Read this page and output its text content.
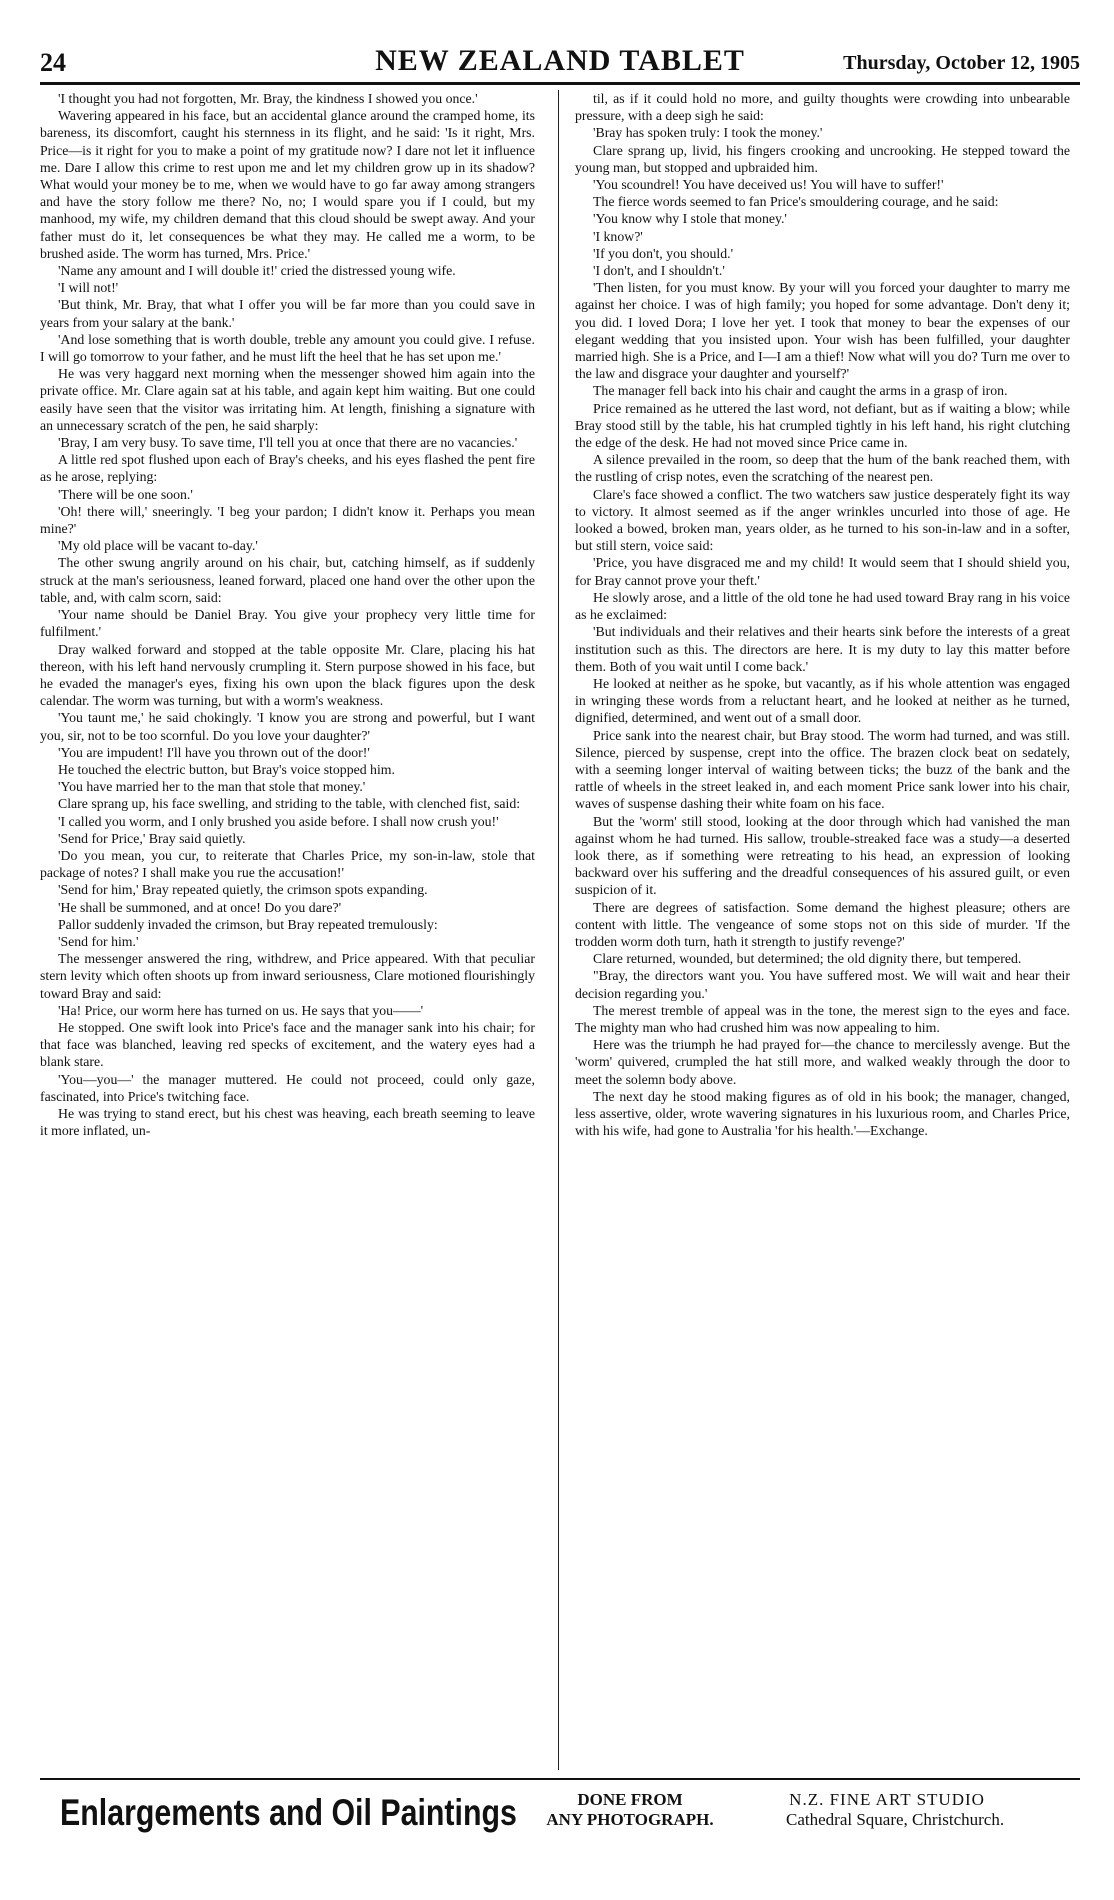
24	NEW ZEALAND TABLET	Thursday, October 12, 1905

'I thought you had not forgotten, Mr. Bray, the kindness I showed you once.'

Wavering appeared in his face, but an accidental glance around the cramped home, its bareness, its discomfort, caught his sternness in its flight, and he said: 'Is it right, Mrs. Price—is it right for you to make a point of my gratitude now? I dare not let it influence me. Dare I allow this crime to rest upon me and let my children grow up in its shadow? What would your money be to me, when we would have to go far away among strangers and have the story follow me there? No, no; I would spare you if I could, but my manhood, my wife, my children demand that this cloud should be swept away. And your father must do it, let consequences be what they may. He called me a worm, to be brushed aside. The worm has turned, Mrs. Price.'

'Name any amount and I will double it!' cried the distressed young wife.

'I will not!'

'But think, Mr. Bray, that what I offer you will be far more than you could save in years from your salary at the bank.'

'And lose something that is worth double, treble any amount you could give. I refuse. I will go tomorrow to your father, and he must lift the heel that he has set upon me.'

He was very haggard next morning when the messenger showed him again into the private office. Mr. Clare again sat at his table, and again kept him waiting. But one could easily have seen that the visitor was irritating him. At length, finishing a signature with an unnecessary scratch of the pen, he said sharply:

'Bray, I am very busy. To save time, I'll tell you at once that there are no vacancies.'

A little red spot flushed upon each of Bray's cheeks, and his eyes flashed the pent fire as he arose, replying:

'There will be one soon.'

'Oh! there will,' sneeringly. 'I beg your pardon; I didn't know it. Perhaps you mean mine?'

'My old place will be vacant to-day.'

The other swung angrily around on his chair, but, catching himself, as if suddenly struck at the man's seriousness, leaned forward, placed one hand over the other upon the table, and, with calm scorn, said:

'Your name should be Daniel Bray. You give your prophecy very little time for fulfilment.'

Dray walked forward and stopped at the table opposite Mr. Clare, placing his hat thereon, with his left hand nervously crumpling it. Stern purpose showed in his face, but he evaded the manager's eyes, fixing his own upon the black figures upon the desk calendar. The worm was turning, but with a worm's weakness.

'You taunt me,' he said chokingly. 'I know you are strong and powerful, but I want you, sir, not to be too scornful. Do you love your daughter?'

'You are impudent! I'll have you thrown out of the door!'

He touched the electric button, but Bray's voice stopped him.

'You have married her to the man that stole that money.'

Clare sprang up, his face swelling, and striding to the table, with clenched fist, said:

'I called you worm, and I only brushed you aside before. I shall now crush you!'

'Send for Price,' Bray said quietly.

'Do you mean, you cur, to reiterate that Charles Price, my son-in-law, stole that package of notes? I shall make you rue the accusation!'

'Send for him,' Bray repeated quietly, the crimson spots expanding.

'He shall be summoned, and at once! Do you dare?'

Pallor suddenly invaded the crimson, but Bray repeated tremulously:

'Send for him.'

The messenger answered the ring, withdrew, and Price appeared. With that peculiar stern levity which often shoots up from inward seriousness, Clare motioned flourishingly toward Bray and said:

'Ha! Price, our worm here has turned on us. He says that you——'

He stopped. One swift look into Price's face and the manager sank into his chair; for that face was blanched, leaving red specks of excitement, and the watery eyes had a blank stare.

'You—you—' the manager muttered. He could not proceed, could only gaze, fascinated, into Price's twitching face.

He was trying to stand erect, but his chest was heaving, each breath seeming to leave it more inflated, un-

til, as if it could hold no more, and guilty thoughts were crowding into unbearable pressure, with a deep sigh he said:

'Bray has spoken truly: I took the money.'

Clare sprang up, livid, his fingers crooking and uncrooking. He stepped toward the young man, but stopped and upbraided him.

'You scoundrel! You have deceived us! You will have to suffer!'

The fierce words seemed to fan Price's smouldering courage, and he said:

'You know why I stole that money.'

'I know?'

'If you don't, you should.'

'I don't, and I shouldn't.'

'Then listen, for you must know. By your will you forced your daughter to marry me against her choice. I was of high family; you hoped for some advantage. Don't deny it; you did. I loved Dora; I love her yet. I took that money to bear the expenses of our elegant wedding that you insisted upon. Your wish has been fulfilled, your daughter married high. She is a Price, and I—I am a thief! Now what will you do? Turn me over to the law and disgrace your daughter and yourself?'

The manager fell back into his chair and caught the arms in a grasp of iron.

Price remained as he uttered the last word, not defiant, but as if waiting a blow; while Bray stood still by the table, his hat crumpled tightly in his left hand, his right clutching the edge of the desk. He had not moved since Price came in.

A silence prevailed in the room, so deep that the hum of the bank reached them, with the rustling of crisp notes, even the scratching of the nearest pen.

Clare's face showed a conflict. The two watchers saw justice desperately fight its way to victory. It almost seemed as if the anger wrinkles uncurled into those of age. He looked a bowed, broken man, years older, as he turned to his son-in-law and in a softer, but still stern, voice said:

'Price, you have disgraced me and my child! It would seem that I should shield you, for Bray cannot prove your theft.'

He slowly arose, and a little of the old tone he had used toward Bray rang in his voice as he exclaimed:

'But individuals and their relatives and their hearts sink before the interests of a great institution such as this. The directors are here. It is my duty to lay this matter before them. Both of you wait until I come back.'

He looked at neither as he spoke, but vacantly, as if his whole attention was engaged in wringing these words from a reluctant heart, and he looked at neither as he turned, dignified, determined, and went out of a small door.

Price sank into the nearest chair, but Bray stood. The worm had turned, and was still. Silence, pierced by suspense, crept into the office. The brazen clock beat on sedately, with a seeming longer interval of waiting between ticks; the buzz of the bank and the rattle of wheels in the street leaked in, and each moment Price sank lower into his chair, waves of suspense dashing their white foam on his face.

But the 'worm' still stood, looking at the door through which had vanished the man against whom he had turned. His sallow, trouble-streaked face was a study—a deserted look there, as if something were retreating to his head, an expression of looking backward over his suffering and the dreadful consequences of his assured guilt, or even suspicion of it.

There are degrees of satisfaction. Some demand the highest pleasure; others are content with little. The vengeance of some stops not on this side of murder. 'If the trodden worm doth turn, hath it strength to justify revenge?'

Clare returned, wounded, but determined; the old dignity there, but tempered.

"Bray, the directors want you. You have suffered most. We will wait and hear their decision regarding you.'

The merest tremble of appeal was in the tone, the merest sign to the eyes and face. The mighty man who had crushed him was now appealing to him.

Here was the triumph he had prayed for—the chance to mercilessly avenge. But the 'worm' quivered, crumpled the hat still more, and walked weakly through the door to meet the solemn body above.

The next day he stood making figures as of old in his book; the manager, changed, less assertive, older, wrote wavering signatures in his luxurious room, and Charles Price, with his wife, had gone to Australia 'for his health.'—Exchange.

Enlargements and Oil Paintings	DONE FROM
ANY PHOTOGRAPH.
N.Z. FINE ART STUDIO
Cathedral Square, Christchurch.
